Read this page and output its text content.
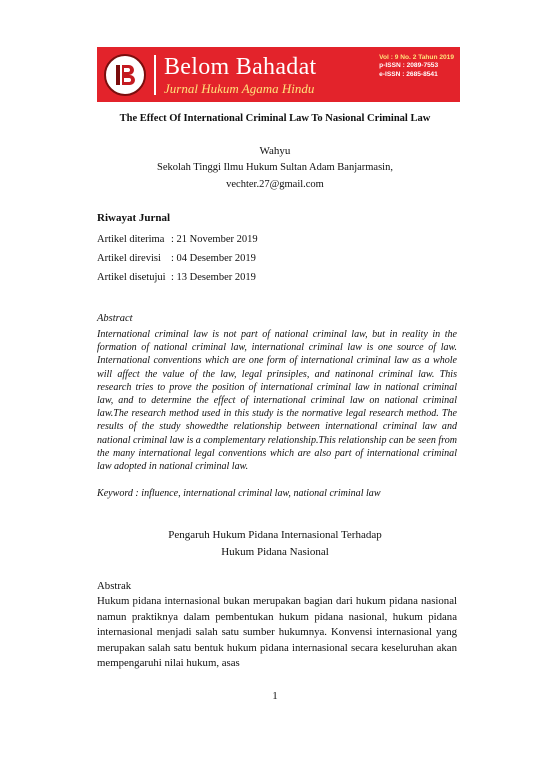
Belom Bahadat
Jurnal Hukum Agama Hindu
Vol : 9 No. 2 Tahun 2019
p-ISSN : 2089-7553
e-ISSN : 2685-8541
The Effect Of International Criminal Law To Nasional Criminal Law
Wahyu
Sekolah Tinggi Ilmu Hukum Sultan Adam Banjarmasin,
vechter.27@gmail.com
Riwayat Jurnal
Artikel diterima : 21 November 2019
Artikel direvisi : 04 Desember 2019
Artikel disetujui : 13 Desember 2019
Abstract
International criminal law is not part of national criminal law, but in reality in the formation of national criminal law, international criminal law is one source of law. International conventions which are one form of international criminal law as a whole will affect the value of the law, legal prinsiples, and natinonal criminal law. This research tries to prove the position of international criminal law in national criminal law, and to determine the effect of international criminal law on national criminal law.The research method used in this study is the normative legal research method. The results of the study showedthe relationship between international criminal law and national criminal law is a complementary relationship.This relationship can be seen from the many international legal conventions which are also part of international criminal law adopted in national criminal law.
Keyword : influence, international criminal law, national criminal law
Pengaruh Hukum Pidana Internasional Terhadap
Hukum Pidana Nasional
Abstrak
Hukum pidana internasional bukan merupakan bagian dari hukum pidana nasional namun praktiknya dalam pembentukan hukum pidana nasional, hukum pidana internasional menjadi salah satu sumber hukumnya. Konvensi internasional yang merupakan salah satu bentuk hukum pidana internasional secara keseluruhan akan mempengaruhi nilai hukum, asas
1
